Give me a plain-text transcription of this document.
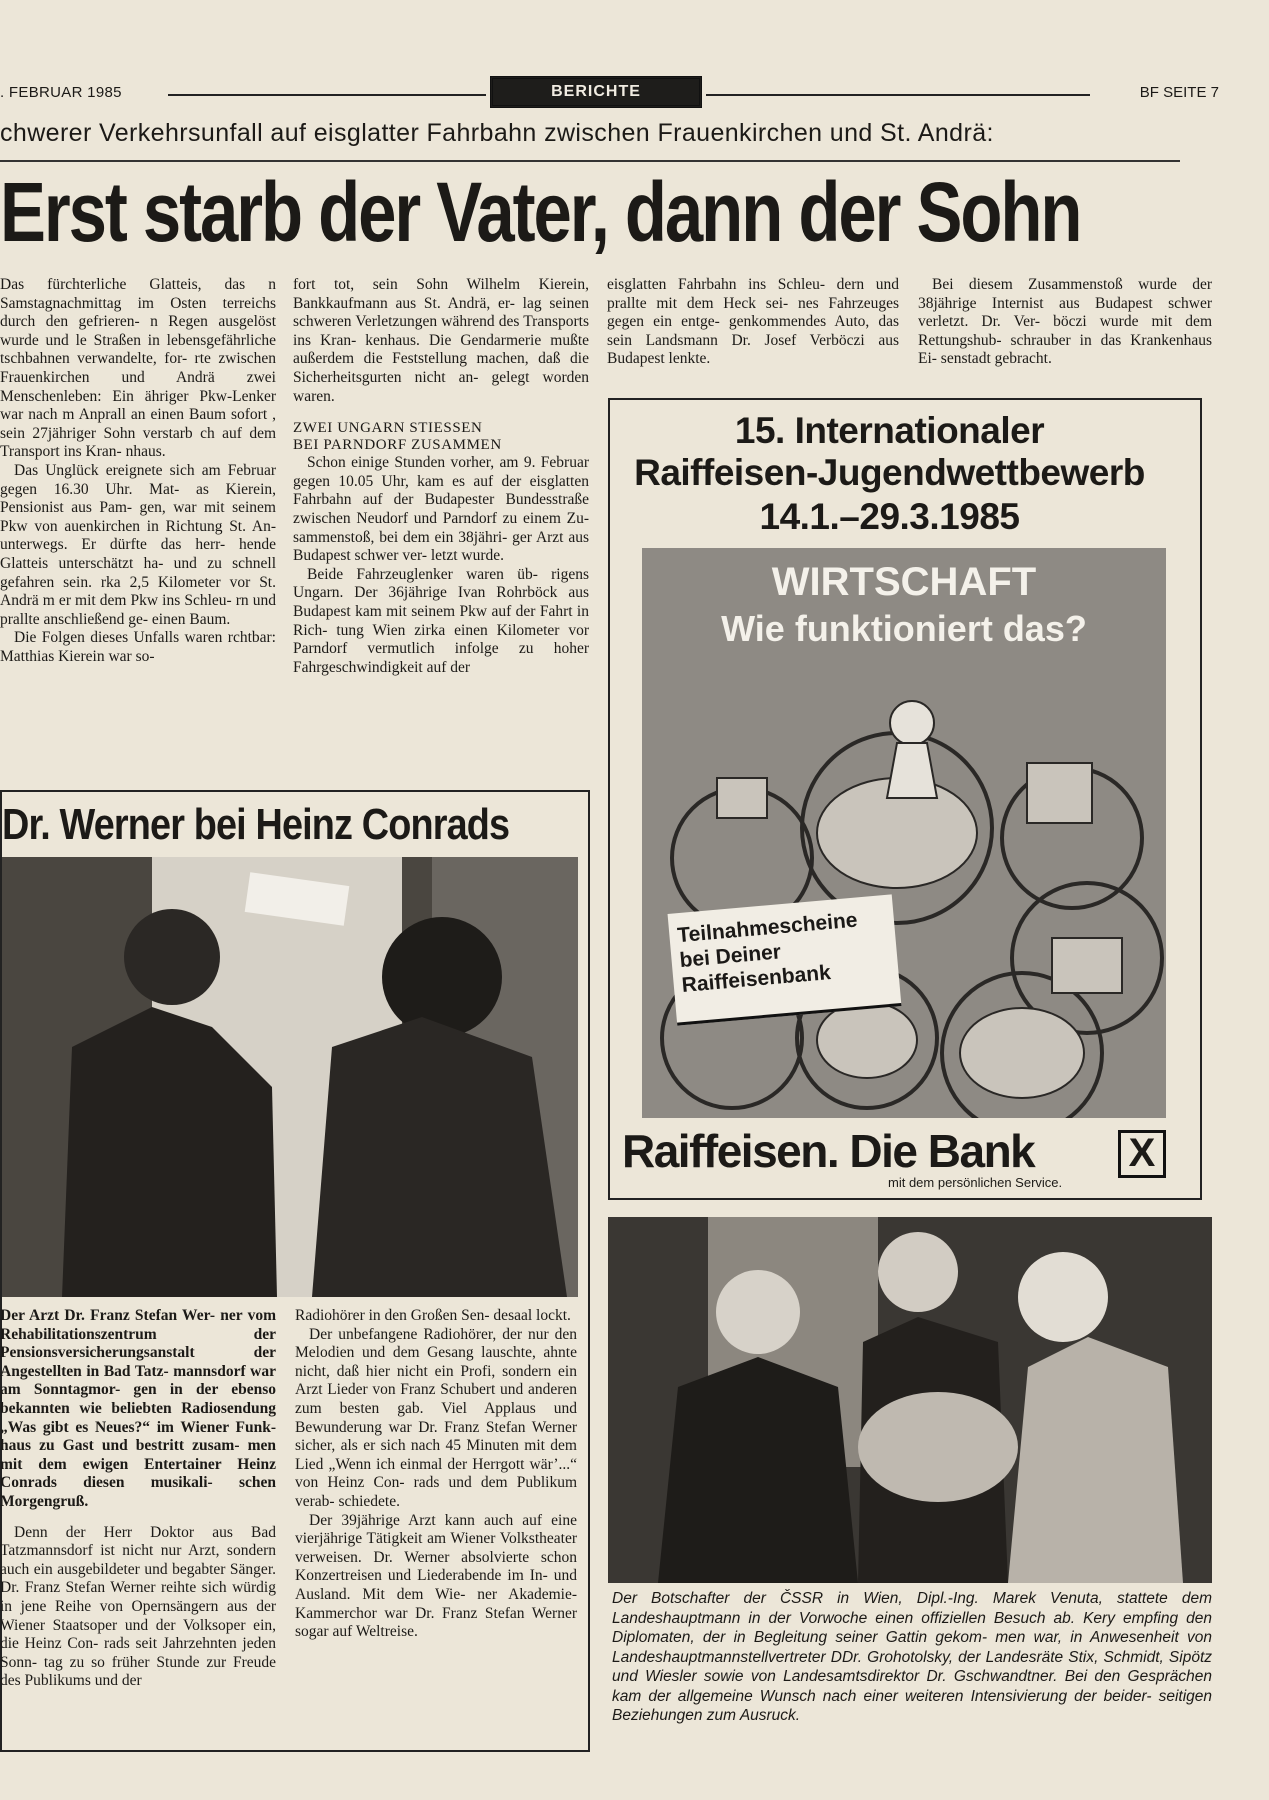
. FEBRUAR 1985	BERICHTE	BF SEITE 7
chwerer Verkehrsunfall auf eisglatter Fahrbahn zwischen Frauenkirchen und St. Andrä:
Erst starb der Vater, dann der Sohn

Das fürchterliche Glatteis, das n Samstagnachmittag im Osten terreichs durch den gefrieren- n Regen ausgelöst wurde und le Straßen in lebensgefährliche tschbahnen verwandelte, for- rte zwischen Frauenkirchen und Andrä zwei Menschenleben: Ein ähriger Pkw-Lenker war nach m Anprall an einen Baum sofort , sein 27jähriger Sohn verstarb ch auf dem Transport ins Kran- nhaus.

Das Unglück ereignete sich am Februar gegen 16.30 Uhr. Mat- as Kierein, Pensionist aus Pam- gen, war mit seinem Pkw von auenkirchen in Richtung St. An- unterwegs. Er dürfte das herr- hende Glatteis unterschätzt ha- und zu schnell gefahren sein. rka 2,5 Kilometer vor St. Andrä m er mit dem Pkw ins Schleu- rn und prallte anschließend ge- einen Baum.

Die Folgen dieses Unfalls waren rchtbar: Matthias Kierein war so-

fort tot, sein Sohn Wilhelm Kierein, Bankkaufmann aus St. Andrä, er- lag seinen schweren Verletzungen während des Transports ins Kran- kenhaus. Die Gendarmerie mußte außerdem die Feststellung machen, daß die Sicherheitsgurten nicht an- gelegt worden waren.

ZWEI UNGARN STIESSEN
BEI PARNDORF ZUSAMMEN

Schon einige Stunden vorher, am 9. Februar gegen 10.05 Uhr, kam es auf der eisglatten Fahrbahn auf der Budapester Bundesstraße zwischen Neudorf und Parndorf zu einem Zu- sammenstoß, bei dem ein 38jähri- ger Arzt aus Budapest schwer ver- letzt wurde.

Beide Fahrzeuglenker waren üb- rigens Ungarn. Der 36jährige Ivan Rohrböck aus Budapest kam mit seinem Pkw auf der Fahrt in Rich- tung Wien zirka einen Kilometer vor Parndorf vermutlich infolge zu hoher Fahrgeschwindigkeit auf der

eisglatten Fahrbahn ins Schleu- dern und prallte mit dem Heck sei- nes Fahrzeuges gegen ein entge- genkommendes Auto, das sein Landsmann Dr. Josef Verböczi aus Budapest lenkte.

Bei diesem Zusammenstoß wurde der 38jährige Internist aus Budapest schwer verletzt. Dr. Ver- böczi wurde mit dem Rettungshub- schrauber in das Krankenhaus Ei- senstadt gebracht.

15. Internationaler
Raiffeisen-Jugendwettbewerb
14.1.–29.3.1985
WIRTSCHAFT
Wie funktioniert das?
Teilnahmescheine bei Deiner Raiffeisenbank
Raiffeisen. Die Bank
mit dem persönlichen Service.
X
Dr. Werner bei Heinz Conrads

Der Arzt Dr. Franz Stefan Wer- ner vom Rehabilitationszentrum der Pensionsversicherungsanstalt der Angestellten in Bad Tatz- mannsdorf war am Sonntagmor- gen in der ebenso bekannten wie beliebten Radiosendung „Was gibt es Neues?“ im Wiener Funk- haus zu Gast und bestritt zusam- men mit dem ewigen Entertainer Heinz Conrads diesen musikali- schen Morgengruß.

Denn der Herr Doktor aus Bad Tatzmannsdorf ist nicht nur Arzt, sondern auch ein ausgebildeter und begabter Sänger. Dr. Franz Stefan Werner reihte sich würdig in jene Reihe von Opernsängern aus der Wiener Staatsoper und der Volksoper ein, die Heinz Con- rads seit Jahrzehnten jeden Sonn- tag zu so früher Stunde zur Freude des Publikums und der

Radiohörer in den Großen Sen- desaal lockt.

Der unbefangene Radiohörer, der nur den Melodien und dem Gesang lauschte, ahnte nicht, daß hier nicht ein Profi, sondern ein Arzt Lieder von Franz Schubert und anderen zum besten gab. Viel Applaus und Bewunderung war Dr. Franz Stefan Werner sicher, als er sich nach 45 Minuten mit dem Lied „Wenn ich einmal der Herrgott wär’...“ von Heinz Con- rads und dem Publikum verab- schiedete.

Der 39jährige Arzt kann auch auf eine vierjährige Tätigkeit am Wiener Volkstheater verweisen. Dr. Werner absolvierte schon Konzertreisen und Liederabende im In- und Ausland. Mit dem Wie- ner Akademie-Kammerchor war Dr. Franz Stefan Werner sogar auf Weltreise.

Der Botschafter der ČSSR in Wien, Dipl.-Ing. Marek Venuta, stattete dem Landeshauptmann in der Vorwoche einen offiziellen Besuch ab. Kery empfing den Diplomaten, der in Begleitung seiner Gattin gekom- men war, in Anwesenheit von Landeshauptmannstellvertreter DDr. Grohotolsky, der Landesräte Stix, Schmidt, Sipötz und Wiesler sowie von Landesamtsdirektor Dr. Gschwandtner. Bei den Gesprächen kam der allgemeine Wunsch nach einer weiteren Intensivierung der beider- seitigen Beziehungen zum Ausruck.
